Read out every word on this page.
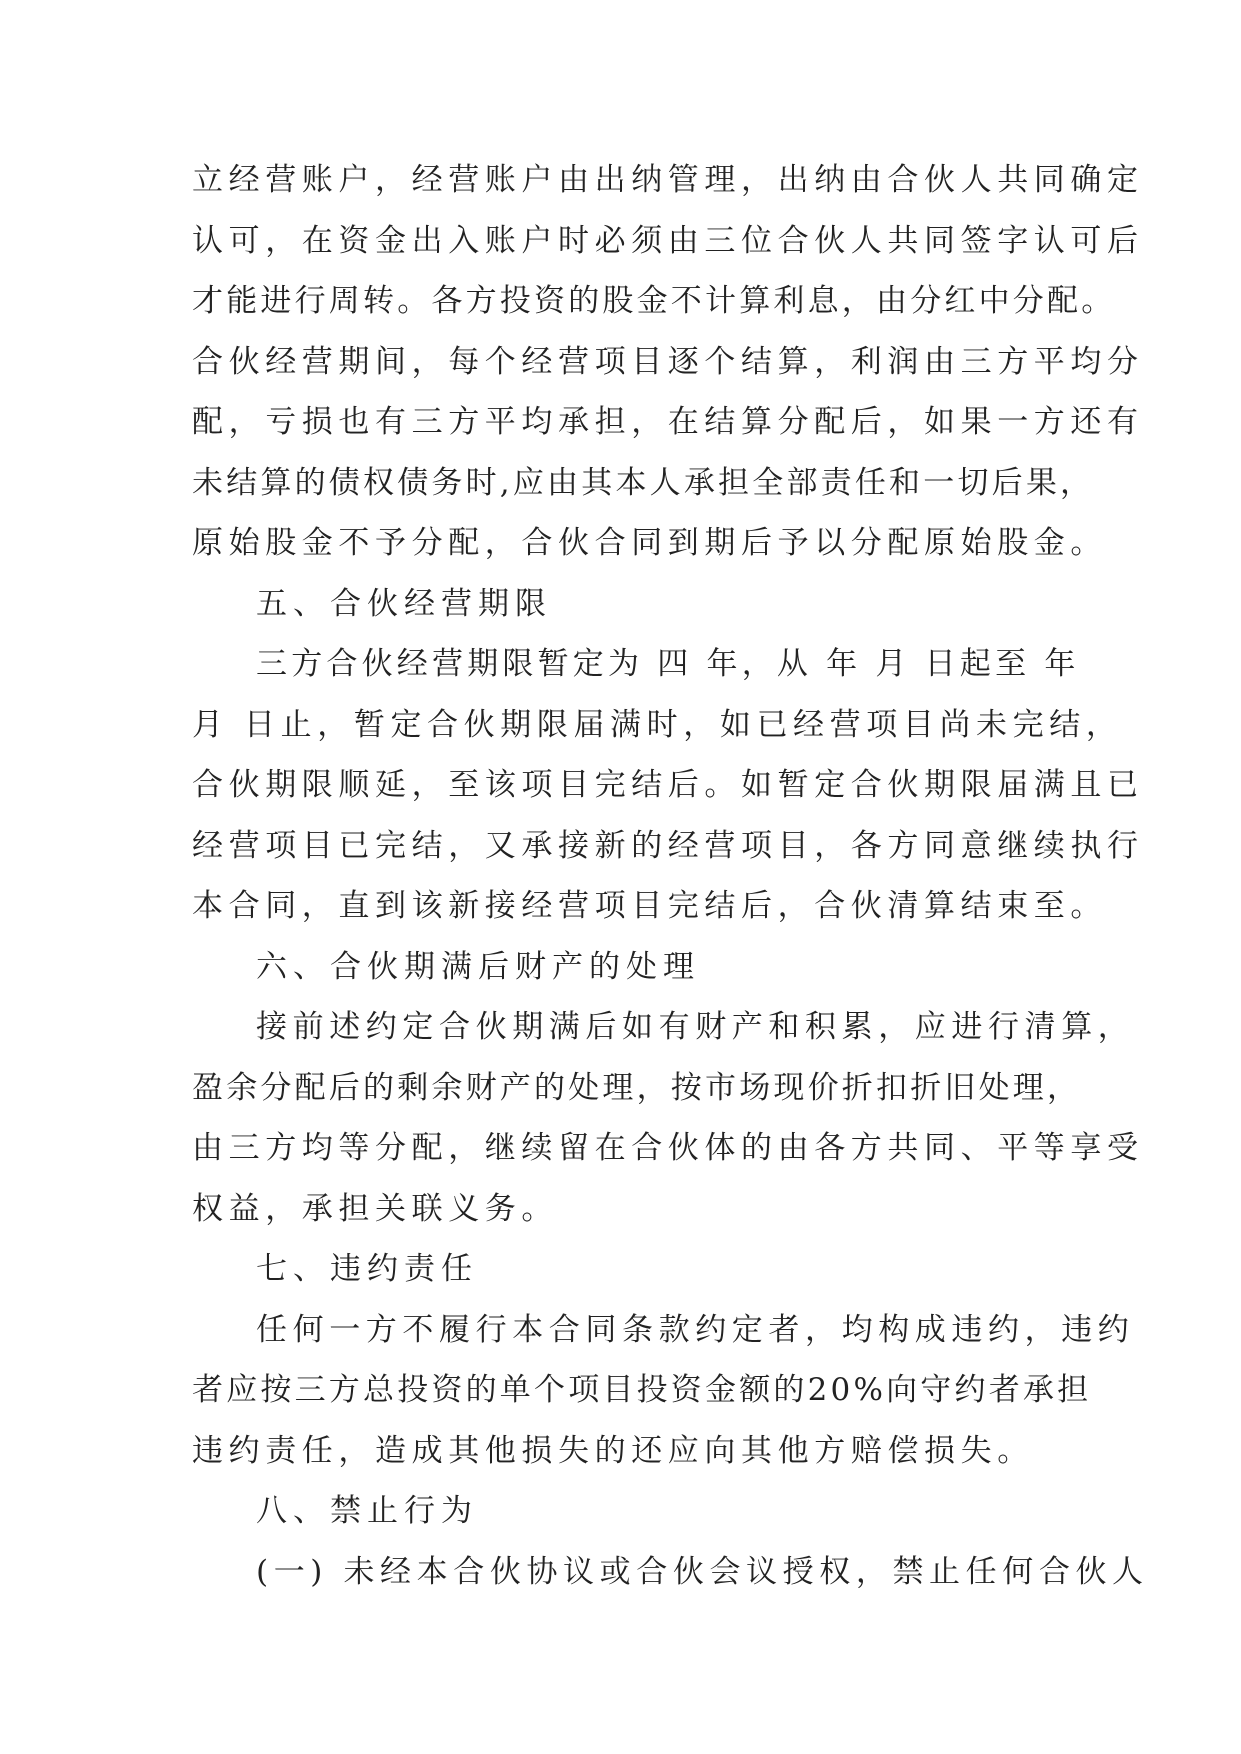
立经营账户，经营账户由出纳管理，出纳由合伙人共同确定
认可，在资金出入账户时必须由三位合伙人共同签字认可后
才能进行周转。各方投资的股金不计算利息，由分红中分配。
合伙经营期间，每个经营项目逐个结算，利润由三方平均分
配，亏损也有三方平均承担，在结算分配后，如果一方还有
未结算的债权债务时,应由其本人承担全部责任和一切后果，
原始股金不予分配，合伙合同到期后予以分配原始股金。
五、合伙经营期限
三方合伙经营期限暂定为 四 年，从 年 月 日起至 年
月 日止，暂定合伙期限届满时，如已经营项目尚未完结，
合伙期限顺延，至该项目完结后。如暂定合伙期限届满且已
经营项目已完结，又承接新的经营项目，各方同意继续执行
本合同，直到该新接经营项目完结后，合伙清算结束至。
六、合伙期满后财产的处理
接前述约定合伙期满后如有财产和积累，应进行清算，
盈余分配后的剩余财产的处理，按市场现价折扣折旧处理，
由三方均等分配，继续留在合伙体的由各方共同、平等享受
权益，承担关联义务。
七、违约责任
任何一方不履行本合同条款约定者，均构成违约，违约
者应按三方总投资的单个项目投资金额的20%向守约者承担
违约责任，造成其他损失的还应向其他方赔偿损失。
八、禁止行为
(一) 未经本合伙协议或合伙会议授权，禁止任何合伙人
